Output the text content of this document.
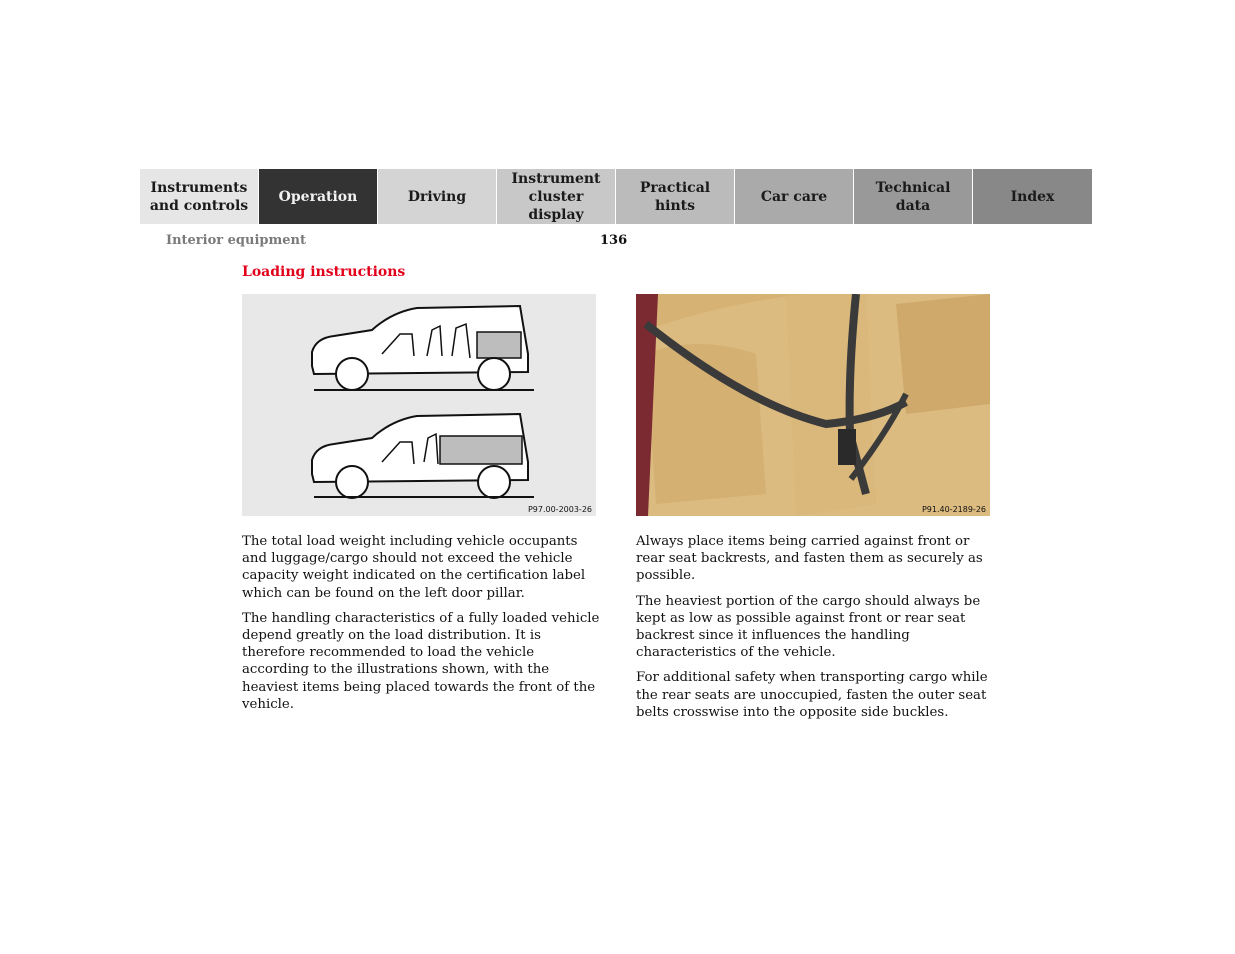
Instruments
and controls
Operation	Driving
Instrument
cluster display
Practical hints
Car care
Technical
data
Index
Interior equipment	136
Loading instructions
P97.00-2003-26	P91.40-2189-26

The total load weight including vehicle occupants and luggage/cargo should not exceed the vehicle capacity weight indicated on the certification label which can be found on the left door pillar.

The handling characteristics of a fully loaded vehicle depend greatly on the load distribution. It is therefore recommended to load the vehicle according to the illustrations shown, with the heaviest items being placed towards the front of the vehicle.

Always place items being carried against front or rear seat backrests, and fasten them as securely as possible.

The heaviest portion of the cargo should always be kept as low as possible against front or rear seat backrest since it influences the handling characteristics of the vehicle.

For additional safety when transporting cargo while the rear seats are unoccupied, fasten the outer seat belts crosswise into the opposite side buckles.
